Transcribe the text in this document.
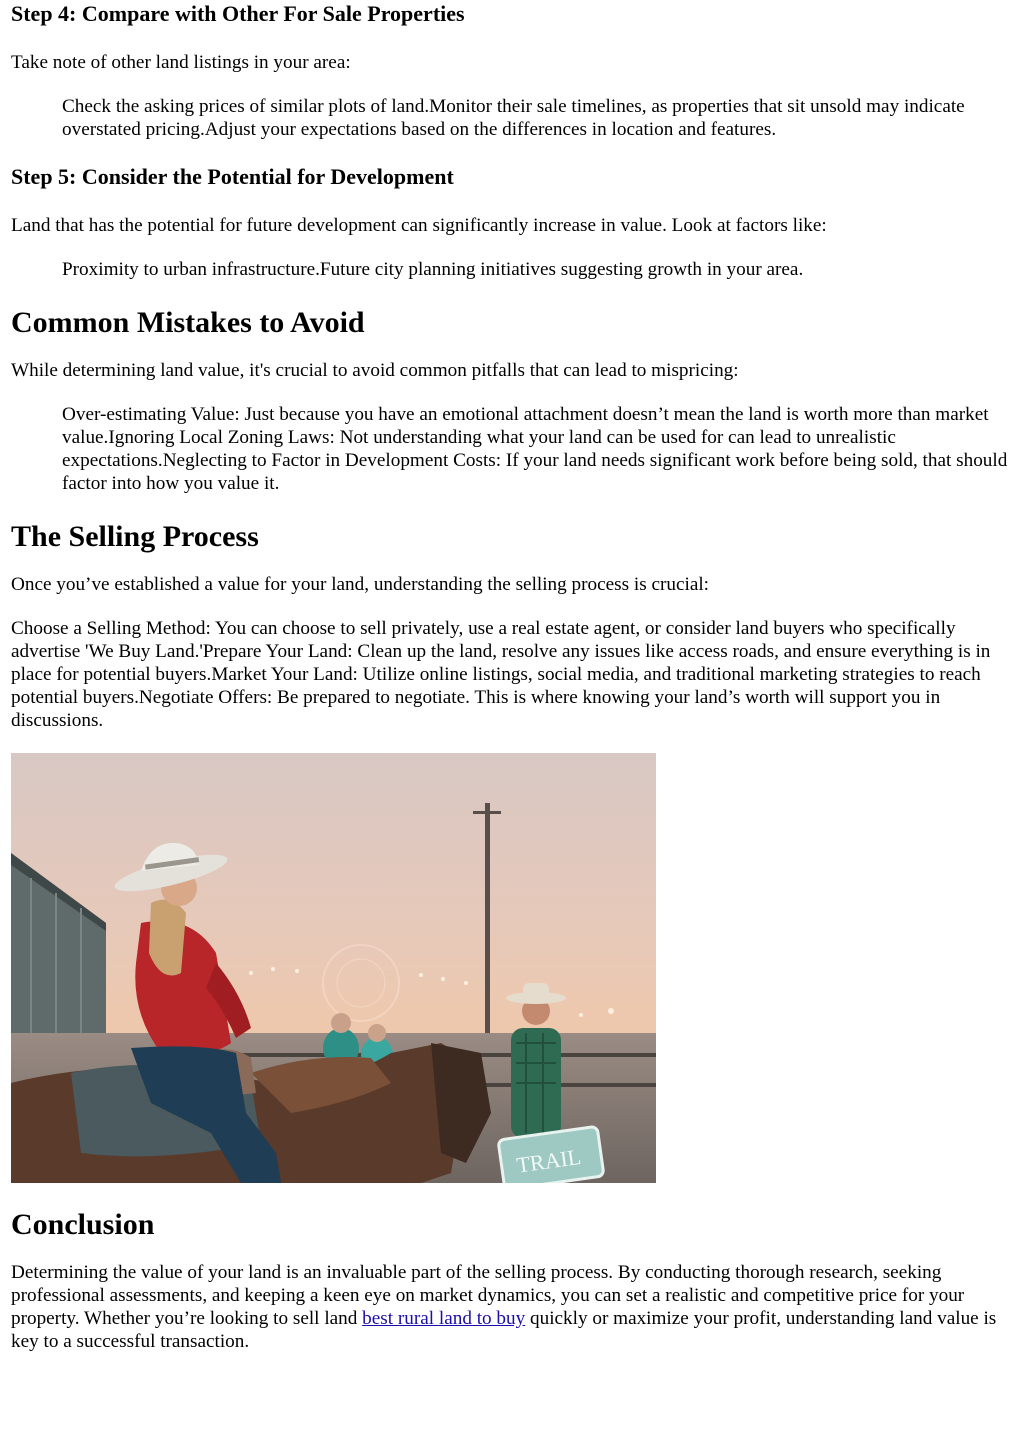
Step 4: Compare with Other For Sale Properties

Take note of other land listings in your area:

Check the asking prices of similar plots of land.Monitor their sale timelines, as properties that sit unsold may indicate overstated pricing.Adjust your expectations based on the differences in location and features.

Step 5: Consider the Potential for Development

Land that has the potential for future development can significantly increase in value. Look at factors like:

Proximity to urban infrastructure.Future city planning initiatives suggesting growth in your area.

Common Mistakes to Avoid

While determining land value, it's crucial to avoid common pitfalls that can lead to mispricing:

Over-estimating Value: Just because you have an emotional attachment doesn’t mean the land is worth more than market value.Ignoring Local Zoning Laws: Not understanding what your land can be used for can lead to unrealistic expectations.Neglecting to Factor in Development Costs: If your land needs significant work before being sold, that should factor into how you value it.

The Selling Process

Once you’ve established a value for your land, understanding the selling process is crucial:

Choose a Selling Method: You can choose to sell privately, use a real estate agent, or consider land buyers who specifically advertise 'We Buy Land.'Prepare Your Land: Clean up the land, resolve any issues like access roads, and ensure everything is in place for potential buyers.Market Your Land: Utilize online listings, social media, and traditional marketing strategies to reach potential buyers.Negotiate Offers: Be prepared to negotiate. This is where knowing your land’s worth will support you in discussions.

TRAIL
Conclusion

Determining the value of your land is an invaluable part of the selling process. By conducting thorough research, seeking professional assessments, and keeping a keen eye on market dynamics, you can set a realistic and competitive price for your property. Whether you’re looking to sell land best rural land to buy quickly or maximize your profit, understanding land value is key to a successful transaction.
